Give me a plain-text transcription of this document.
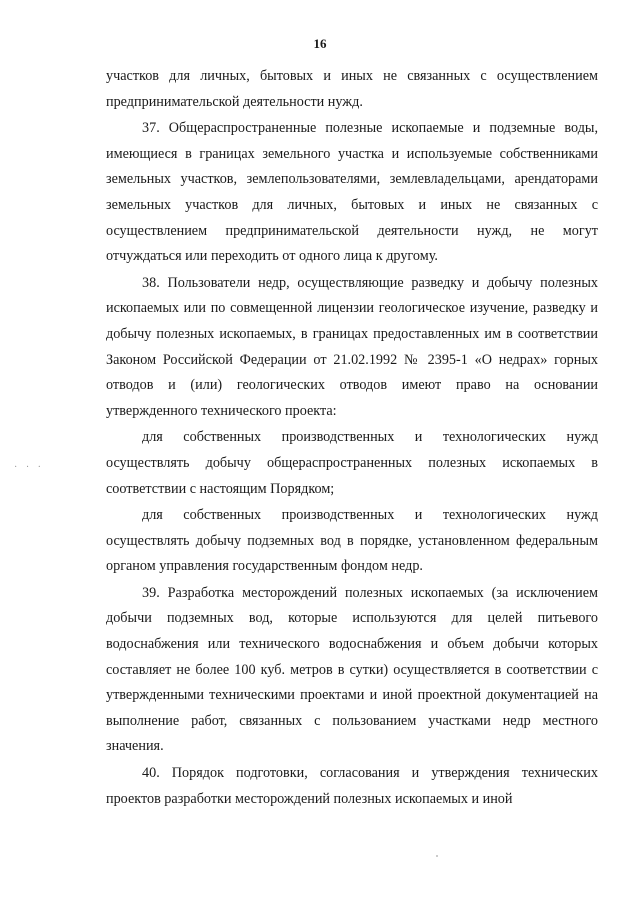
16

участков для личных, бытовых и иных не связанных с осуществлением предпринимательской деятельности нужд.

37. Общераспространенные полезные ископаемые и подземные воды, имеющиеся в границах земельного участка и используемые собственниками земельных участков, землепользователями, землевладельцами, арендаторами земельных участков для личных, бытовых и иных не связанных с осуществлением предпринимательской деятельности нужд, не могут отчуждаться или переходить от одного лица к другому.

38. Пользователи недр, осуществляющие разведку и добычу полезных ископаемых или по совмещенной лицензии геологическое изучение, разведку и добычу полезных ископаемых, в границах предоставленных им в соответствии Законом Российской Федерации от 21.02.1992 № 2395-1 «О недрах» горных отводов и (или) геологических отводов имеют право на основании утвержденного технического проекта:

для собственных производственных и технологических нужд осуществлять добычу общераспространенных полезных ископаемых в соответствии с настоящим Порядком;

для собственных производственных и технологических нужд осуществлять добычу подземных вод в порядке, установленном федеральным органом управления государственным фондом недр.

39. Разработка месторождений полезных ископаемых (за исключением добычи подземных вод, которые используются для целей питьевого водоснабжения или технического водоснабжения и объем добычи которых составляет не более 100 куб. метров в сутки) осуществляется в соответствии с утвержденными техническими проектами и иной проектной документацией на выполнение работ, связанных с пользованием участками недр местного значения.

40. Порядок подготовки, согласования и утверждения технических проектов разработки месторождений полезных ископаемых и иной

· · ·
